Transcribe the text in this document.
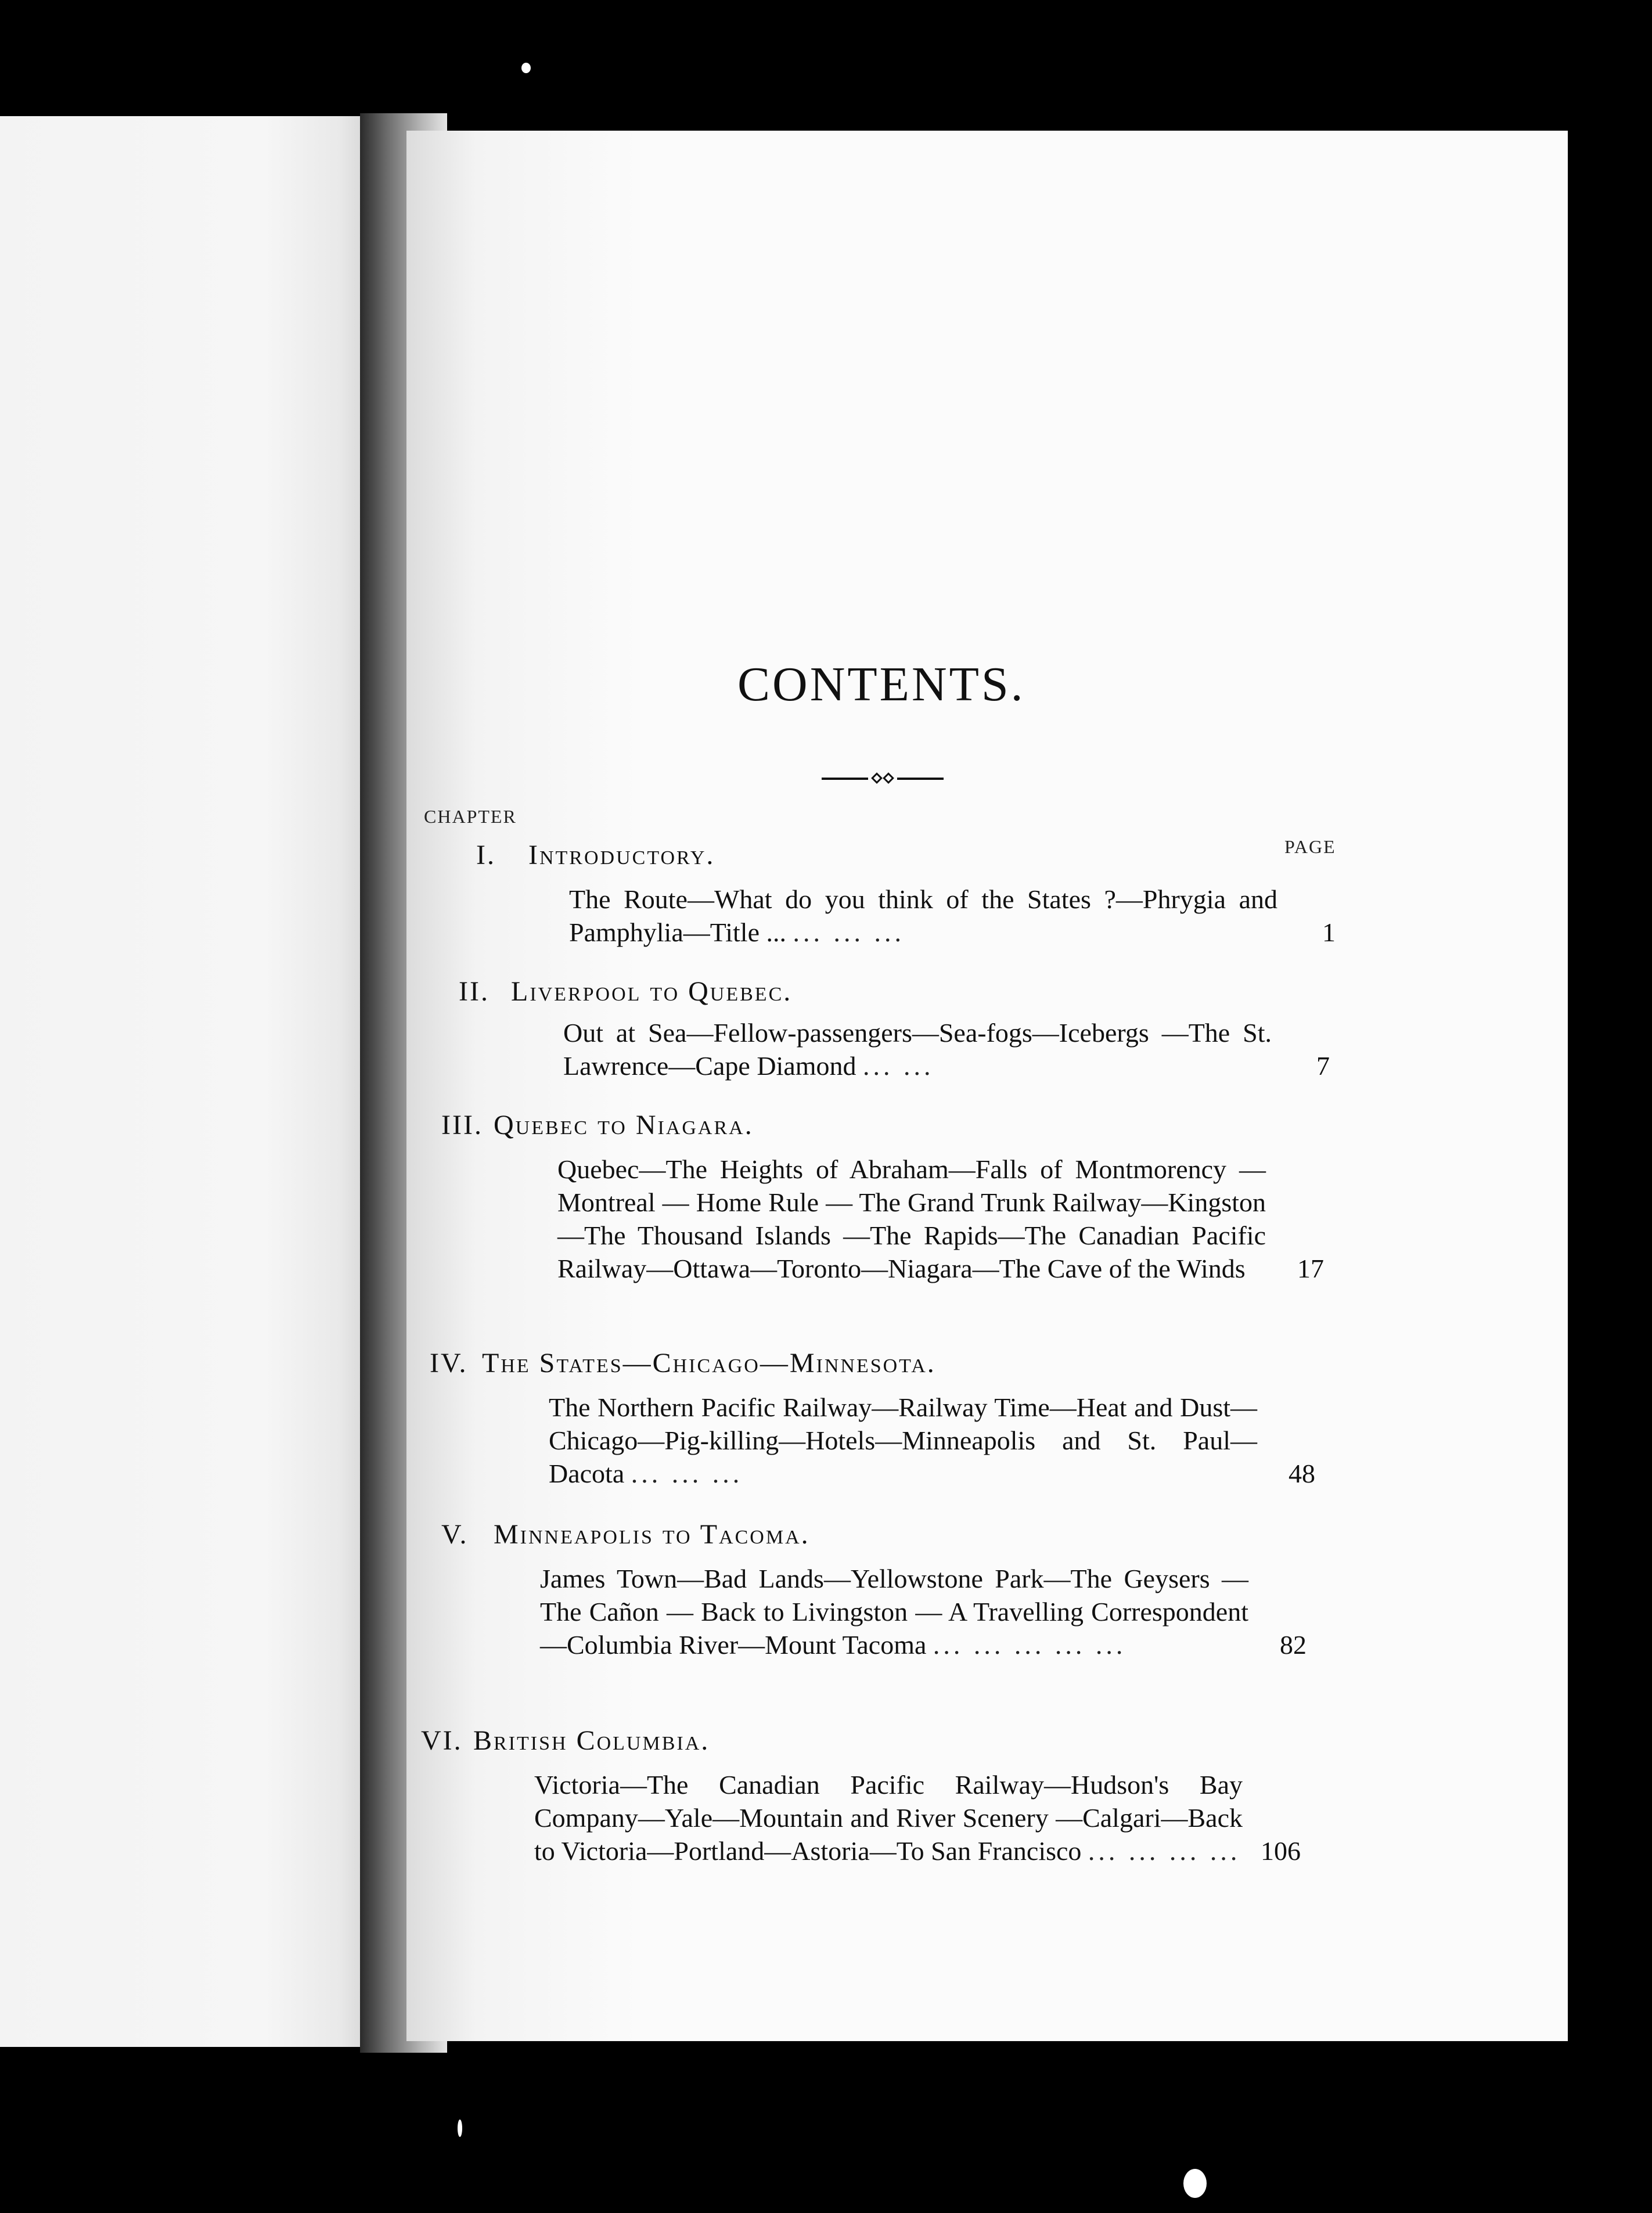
CONTENTS.
CHAPTER
PAGE
I. Introductory.
The Route—What do you think of the States ?—Phrygia and Pamphylia—Title ... ... ... ...	1
II. Liverpool to Quebec.
Out at Sea—Fellow-passengers—Sea-fogs—Icebergs —The St. Lawrence—Cape Diamond ... ...	7
III. Quebec to Niagara.
Quebec—The Heights of Abraham—Falls of Montmorency — Montreal — Home Rule — The Grand Trunk Railway—Kingston—The Thousand Islands —The Rapids—The Canadian Pacific Railway—Ottawa—Toronto—Niagara—The Cave of the Winds 17
IV. The States—Chicago—Minnesota.
The Northern Pacific Railway—Railway Time—Heat and Dust—Chicago—Pig-killing—Hotels—Minneapolis and St. Paul—Dacota ... ... ...	48
V. Minneapolis to Tacoma.
James Town—Bad Lands—Yellowstone Park—The Geysers — The Cañon — Back to Livingston — A Travelling Correspondent—Columbia River—Mount Tacoma ... ... ... ... ...	82
VI. British Columbia.
Victoria—The Canadian Pacific Railway—Hudson's Bay Company—Yale—Mountain and River Scenery —Calgari—Back to Victoria—Portland—Astoria—To San Francisco ... ... ... ... 106
